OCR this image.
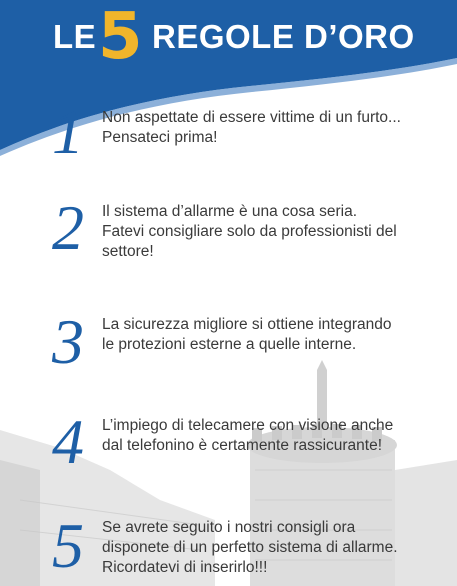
LE 5 REGOLE D’ORO
1 Non aspettate di essere vittime di un furto... Pensateci prima!

2 Il sistema d’allarme è una cosa seria. Fatevi consigliare solo da professionisti del settore!

3 La sicurezza migliore si ottiene integrando le protezioni esterne a quelle interne.

4 L’impiego di telecamere con visione anche dal telefonino è certamente rassicurante!

5 Se avrete seguito i nostri consigli ora disponete di un perfetto sistema di allarme. Ricordatevi di inserirlo!!!
